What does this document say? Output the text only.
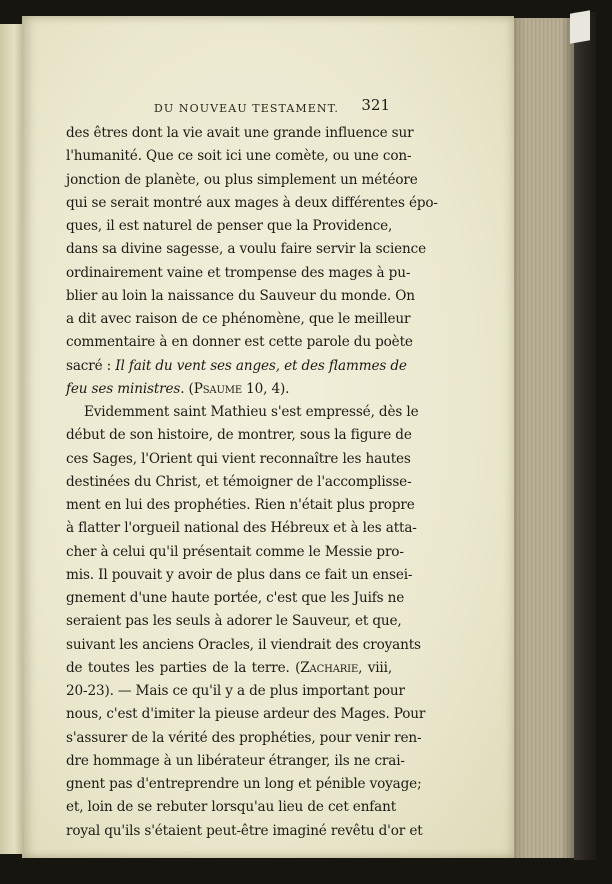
DU NOUVEAU TESTAMENT. 321
des êtres dont la vie avait une grande influence sur
l'humanité. Que ce soit ici une comète, ou une con-
jonction de planète, ou plus simplement un météore
qui se serait montré aux mages à deux différentes épo-
ques, il est naturel de penser que la Providence,
dans sa divine sagesse, a voulu faire servir la science
ordinairement vaine et trompense des mages à pu-
blier au loin la naissance du Sauveur du monde. On
a dit avec raison de ce phénomène, que le meilleur
commentaire à en donner est cette parole du poète
sacré : Il fait du vent ses anges, et des flammes de
feu ses ministres. (Psaume 10, 4).
Evidemment saint Mathieu s'est empressé, dès le
début de son histoire, de montrer, sous la figure de
ces Sages, l'Orient qui vient reconnaître les hautes
destinées du Christ, et témoigner de l'accomplisse-
ment en lui des prophéties. Rien n'était plus propre
à flatter l'orgueil national des Hébreux et à les atta-
cher à celui qu'il présentait comme le Messie pro-
mis. Il pouvait y avoir de plus dans ce fait un ensei-
gnement d'une haute portée, c'est que les Juifs ne
seraient pas les seuls à adorer le Sauveur, et que,
suivant les anciens Oracles, il viendrait des croyants
de toutes les parties de la terre. (Zacharie, viii,
20-23). — Mais ce qu'il y a de plus important pour
nous, c'est d'imiter la pieuse ardeur des Mages. Pour
s'assurer de la vérité des prophéties, pour venir ren-
dre hommage à un libérateur étranger, ils ne crai-
gnent pas d'entreprendre un long et pénible voyage;
et, loin de se rebuter lorsqu'au lieu de cet enfant
royal qu'ils s'étaient peut-être imaginé revêtu d'or et
